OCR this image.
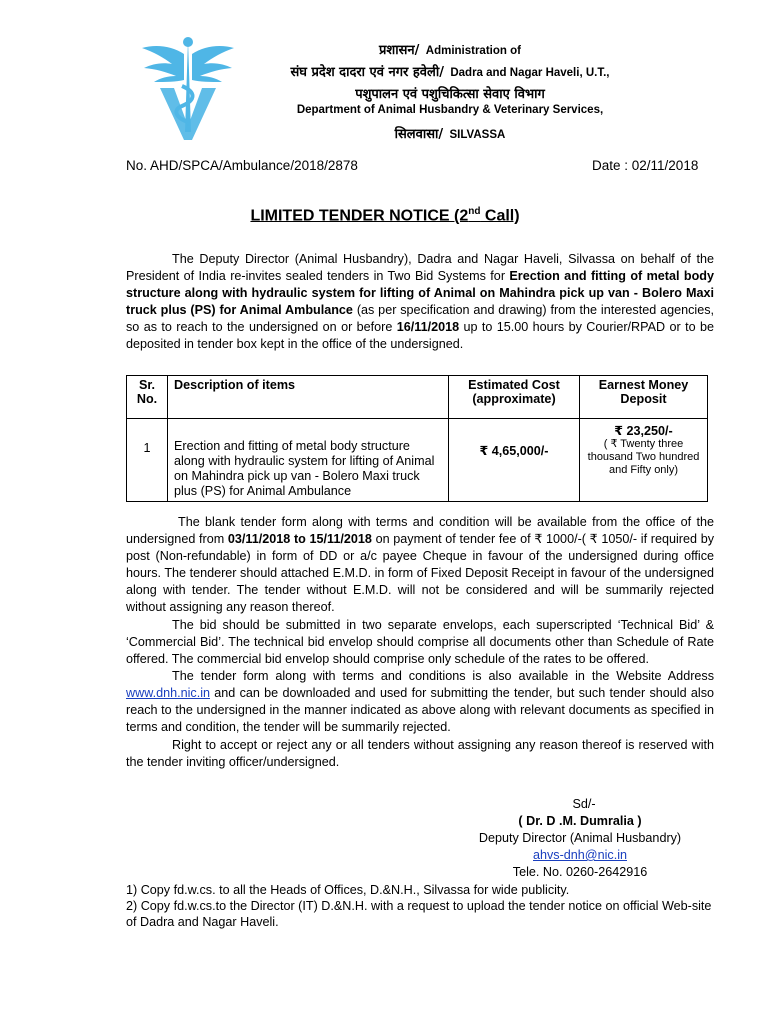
प्रशासन/ Administration of
संघ प्रदेश दादरा एवं नगर हवेली/ Dadra and Nagar Haveli, U.T.,
पशुपालन एवं पशुचिकित्सा सेवाए विभाग
Department of Animal Husbandry & Veterinary Services,
सिलवासा/ SILVASSA
No. AHD/SPCA/Ambulance/2018/2878	Date : 02/11/2018
LIMITED TENDER NOTICE (2nd Call)
The Deputy Director (Animal Husbandry), Dadra and Nagar Haveli, Silvassa on behalf of the President of India re-invites sealed tenders in Two Bid Systems for Erection and fitting of metal body structure along with hydraulic system for lifting of Animal on Mahindra pick up van - Bolero Maxi truck plus (PS) for Animal Ambulance (as per specification and drawing) from the interested agencies, so as to reach to the undersigned on or before 16/11/2018 up to 15.00 hours by Courier/RPAD or to be deposited in tender box kept in the office of the undersigned.
Sr. No.	Description of items	Estimated Cost (approximate)	Earnest Money Deposit
1	Erection and fitting of metal body structure along with hydraulic system for lifting of Animal on Mahindra pick up van - Bolero Maxi truck plus (PS) for Animal Ambulance	₹ 4,65,000/-	₹ 23,250/-
( ₹ Twenty three thousand Two hundred and Fifty only)
The blank tender form along with terms and condition will be available from the office of the undersigned from 03/11/2018 to 15/11/2018 on payment of tender fee of ₹ 1000/-( ₹ 1050/- if required by post (Non-refundable) in form of DD or a/c payee Cheque in favour of the undersigned during office hours. The tenderer should attached E.M.D. in form of Fixed Deposit Receipt in favour of the undersigned along with tender. The tender without E.M.D. will not be considered and will be summarily rejected without assigning any reason thereof.
The bid should be submitted in two separate envelops, each superscripted ‘Technical Bid’ & ‘Commercial Bid’. The technical bid envelop should comprise all documents other than Schedule of Rate offered. The commercial bid envelop should comprise only schedule of the rates to be offered.
The tender form along with terms and conditions is also available in the Website Address www.dnh.nic.in and can be downloaded and used for submitting the tender, but such tender should also reach to the undersigned in the manner indicated as above along with relevant documents as specified in terms and condition, the tender will be summarily rejected.
Right to accept or reject any or all tenders without assigning any reason thereof is reserved with the tender inviting officer/undersigned.
Sd/-
( Dr. D .M. Dumralia )
Deputy Director (Animal Husbandry)
ahvs-dnh@nic.in
Tele. No. 0260-2642916
1) Copy fd.w.cs. to all the Heads of Offices, D.&N.H., Silvassa for wide publicity.
2) Copy fd.w.cs.to the Director (IT) D.&N.H. with a request to upload the tender notice on official Web-site of Dadra and Nagar Haveli.
